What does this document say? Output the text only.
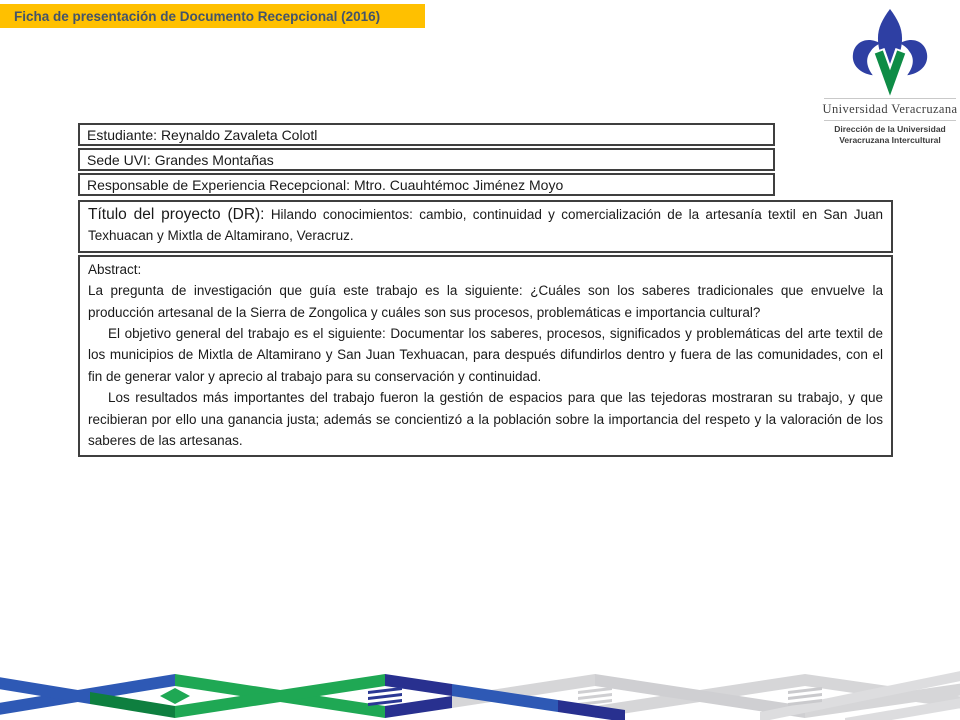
Ficha de presentación de Documento Recepcional (2016)
Universidad Veracruzana
Dirección de la Universidad
Veracruzana Intercultural
Estudiante: Reynaldo Zavaleta Colotl
Sede UVI: Grandes Montañas
Responsable de Experiencia Recepcional: Mtro. Cuauhtémoc Jiménez Moyo
Título del proyecto (DR): Hilando conocimientos: cambio, continuidad y comercialización de la artesanía textil en San Juan Texhuacan y Mixtla de Altamirano, Veracruz.
Abstract:

La pregunta de investigación que guía este trabajo es la siguiente: ¿Cuáles son los saberes tradicionales que envuelve la producción artesanal de la Sierra de Zongolica y cuáles son sus procesos, problemáticas e importancia cultural?

El objetivo general del trabajo es el siguiente: Documentar los saberes, procesos, significados y problemáticas del arte textil de los municipios de Mixtla de Altamirano y San Juan Texhuacan, para después difundirlos dentro y fuera de las comunidades, con el fin de generar valor y aprecio al trabajo para su conservación y continuidad.

Los resultados más importantes del trabajo fueron la gestión de espacios para que las tejedoras mostraran su trabajo, y que recibieran por ello una ganancia justa; además se concientizó a la población sobre la importancia del respeto y la valoración de los saberes de las artesanas.
